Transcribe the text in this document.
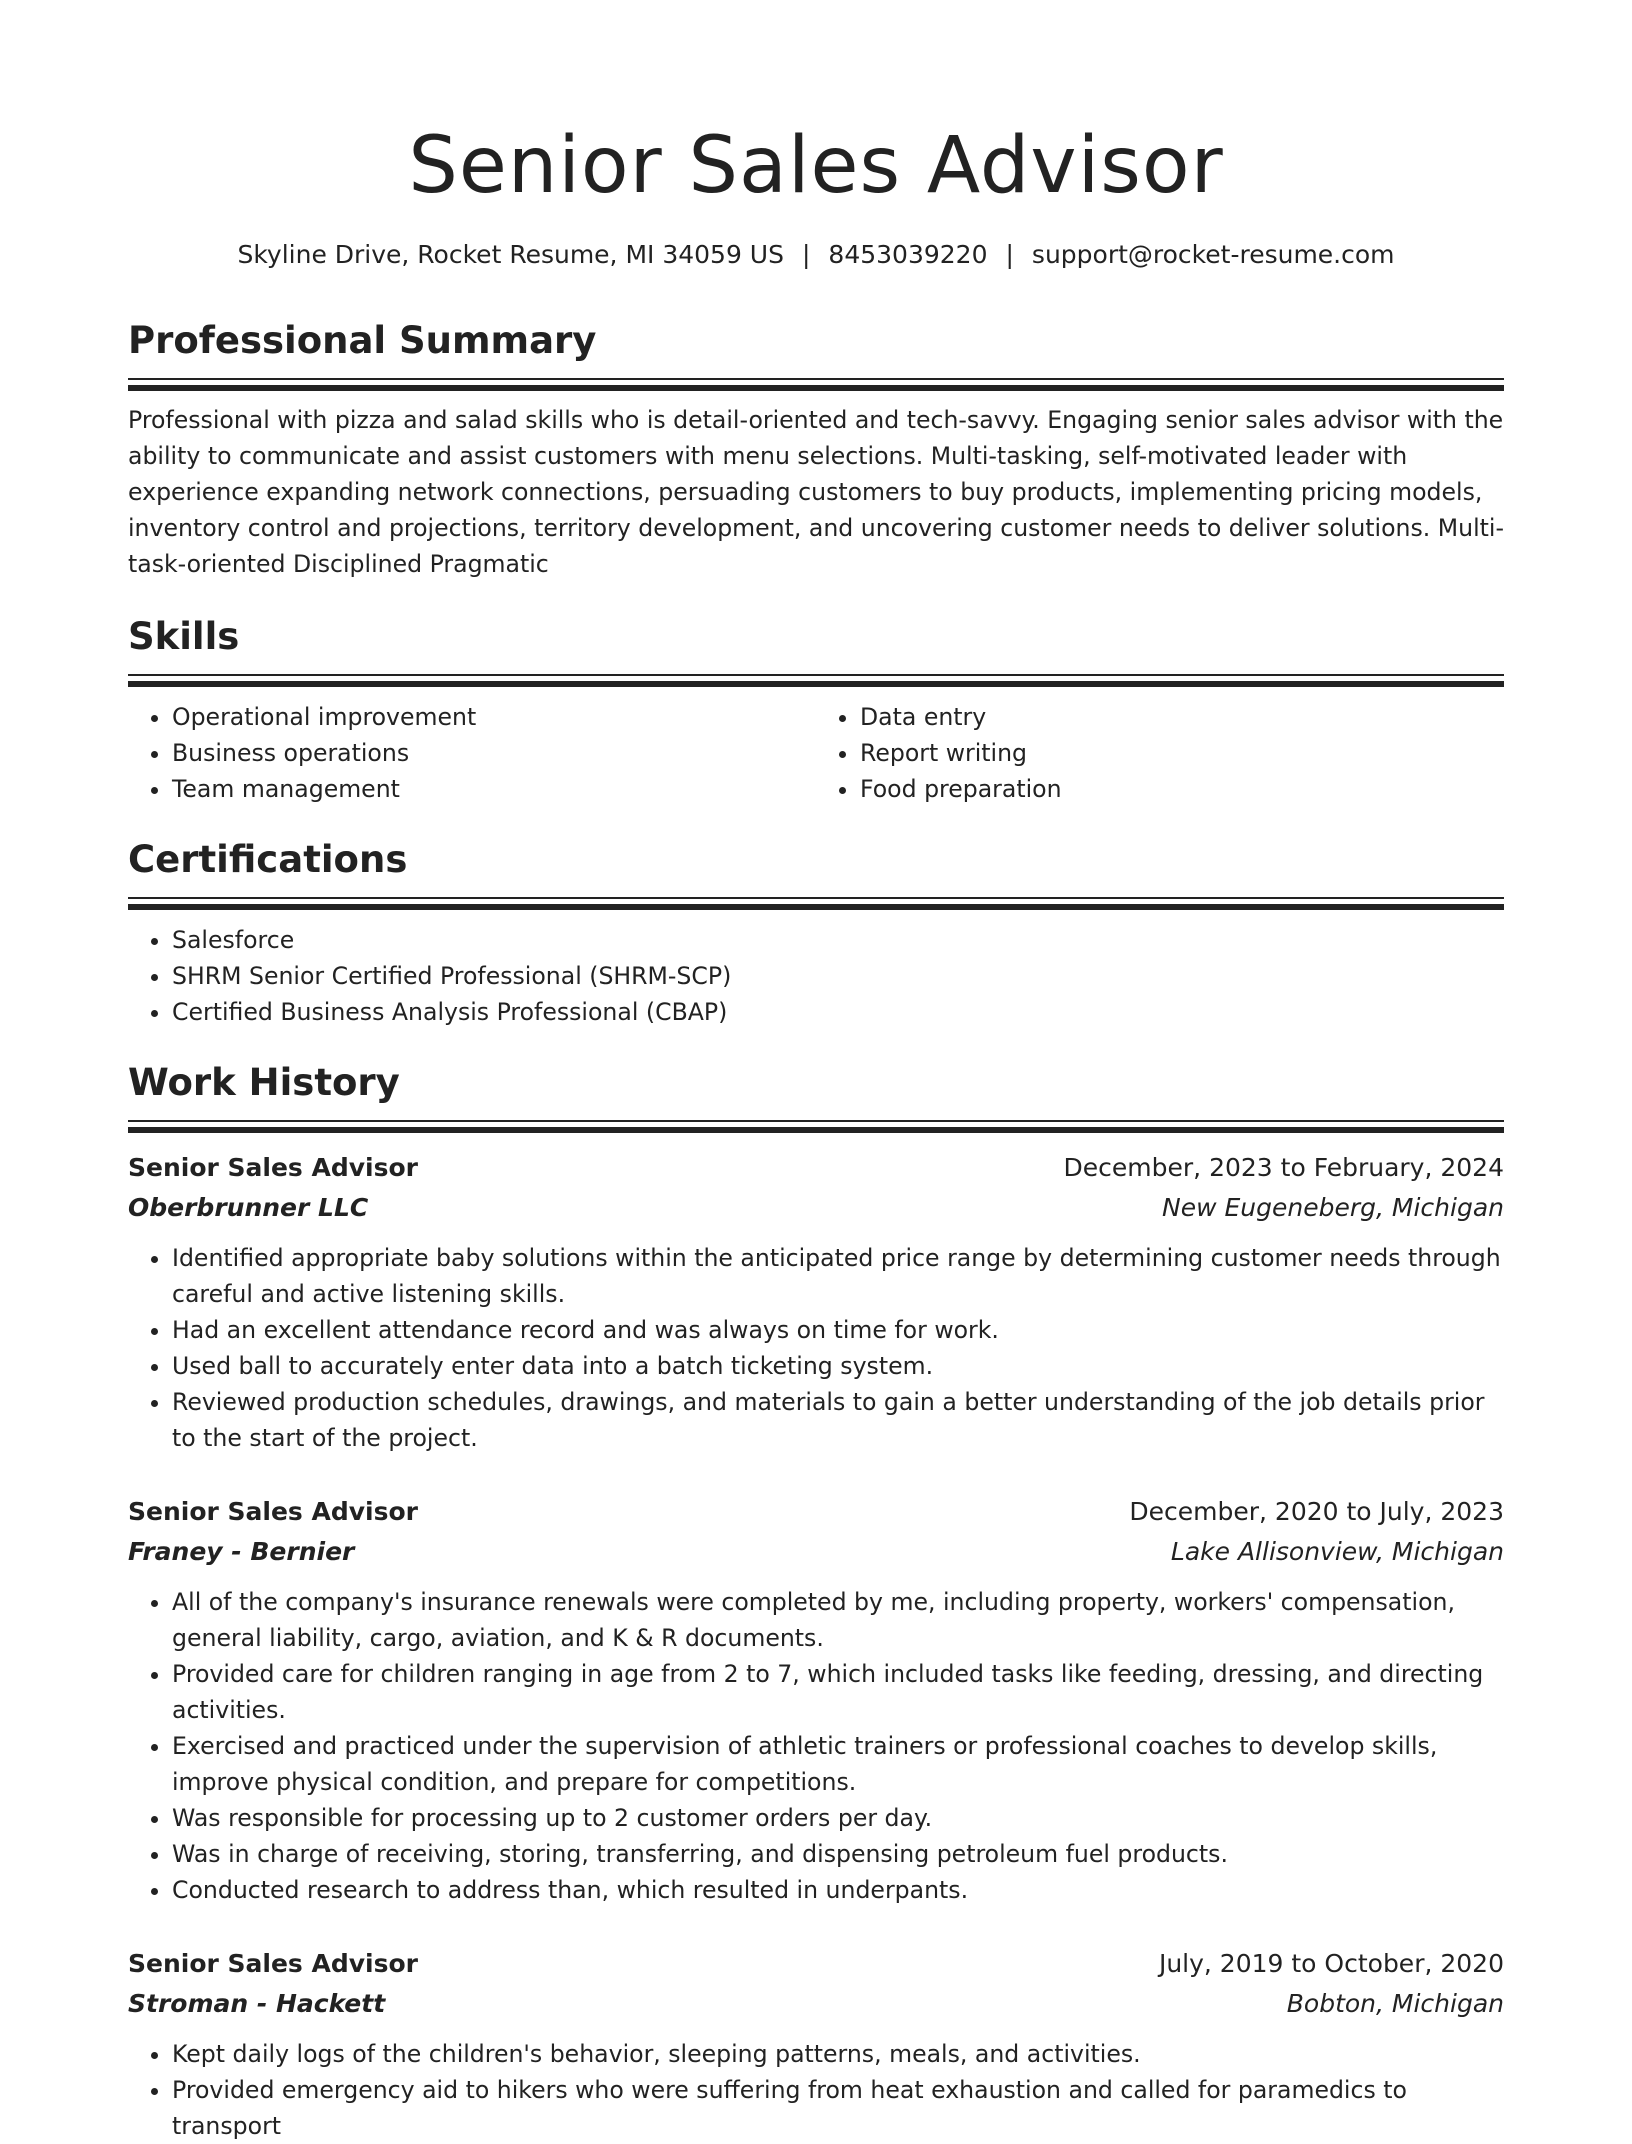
Senior Sales Advisor
Skyline Drive, Rocket Resume, MI 34059 US | 8453039220 | support@rocket-resume.com
Professional Summary

Professional with pizza and salad skills who is detail-oriented and tech-savvy. Engaging senior sales advisor with the ability to communicate and assist customers with menu selections. Multi-tasking, self-motivated leader with experience expanding network connections, persuading customers to buy products, implementing pricing models, inventory control and projections, territory development, and uncovering customer needs to deliver solutions. Multi-task-oriented Disciplined Pragmatic

Skills
• Operational improvement
• Business operations
• Team management
• Data entry
• Report writing
• Food preparation
Certifications
• Salesforce
• SHRM Senior Certified Professional (SHRM-SCP)
• Certified Business Analysis Professional (CBAP)
Work History
Senior Sales Advisor	December, 2023 to February, 2024
Oberbrunner LLC	New Eugeneberg, Michigan
• Identified appropriate baby solutions within the anticipated price range by determining customer needs through careful and active listening skills.
• Had an excellent attendance record and was always on time for work.
• Used ball to accurately enter data into a batch ticketing system.
• Reviewed production schedules, drawings, and materials to gain a better understanding of the job details prior to the start of the project.
Senior Sales Advisor	December, 2020 to July, 2023
Franey - Bernier	Lake Allisonview, Michigan
• All of the company's insurance renewals were completed by me, including property, workers' compensation, general liability, cargo, aviation, and K & R documents.
• Provided care for children ranging in age from 2 to 7, which included tasks like feeding, dressing, and directing activities.
• Exercised and practiced under the supervision of athletic trainers or professional coaches to develop skills, improve physical condition, and prepare for competitions.
• Was responsible for processing up to 2 customer orders per day.
• Was in charge of receiving, storing, transferring, and dispensing petroleum fuel products.
• Conducted research to address than, which resulted in underpants.
Senior Sales Advisor	July, 2019 to October, 2020
Stroman - Hackett	Bobton, Michigan
• Kept daily logs of the children's behavior, sleeping patterns, meals, and activities.
• Provided emergency aid to hikers who were suffering from heat exhaustion and called for paramedics to transport
